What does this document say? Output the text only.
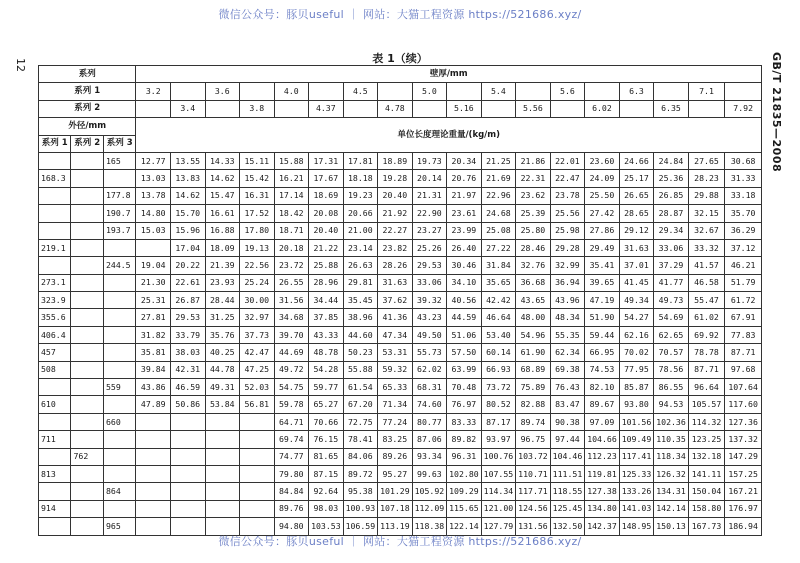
微信公众号：豚贝useful ｜ 网站：大猫工程资源 https://521686.xyz/
12	GB/T 21835—2008
表 1（续）
系列			壁厚/mm																	
系列 1			3.2		3.6		4.0		4.5		5.0		5.4		5.6		6.3		7.1	
系列 2				3.4		3.8		4.37		4.78		5.16		5.56		6.02		6.35		7.92
外径/mm			单位长度理论重量/(kg/m)																	
系列 1	系列 2	系列 3																		
		165	12.77	13.55	14.33	15.11	15.88	17.31	17.81	18.89	19.73	20.34	21.25	21.86	22.01	23.60	24.66	24.84	27.65	30.68
168.3			13.03	13.83	14.62	15.42	16.21	17.67	18.18	19.28	20.14	20.76	21.69	22.31	22.47	24.09	25.17	25.36	28.23	31.33
		177.8	13.78	14.62	15.47	16.31	17.14	18.69	19.23	20.40	21.31	21.97	22.96	23.62	23.78	25.50	26.65	26.85	29.88	33.18
		190.7	14.80	15.70	16.61	17.52	18.42	20.08	20.66	21.92	22.90	23.61	24.68	25.39	25.56	27.42	28.65	28.87	32.15	35.70
		193.7	15.03	15.96	16.88	17.80	18.71	20.40	21.00	22.27	23.27	23.99	25.08	25.80	25.98	27.86	29.12	29.34	32.67	36.29
219.1				17.04	18.09	19.13	20.18	21.22	23.14	23.82	25.26	26.40	27.22	28.46	29.28	29.49	31.63	33.06	33.32	37.12
		244.5	19.04	20.22	21.39	22.56	23.72	25.88	26.63	28.26	29.53	30.46	31.84	32.76	32.99	35.41	37.01	37.29	41.57	46.21
273.1			21.30	22.61	23.93	25.24	26.55	28.96	29.81	31.63	33.06	34.10	35.65	36.68	36.94	39.65	41.45	41.77	46.58	51.79
323.9			25.31	26.87	28.44	30.00	31.56	34.44	35.45	37.62	39.32	40.56	42.42	43.65	43.96	47.19	49.34	49.73	55.47	61.72
355.6			27.81	29.53	31.25	32.97	34.68	37.85	38.96	41.36	43.23	44.59	46.64	48.00	48.34	51.90	54.27	54.69	61.02	67.91
406.4			31.82	33.79	35.76	37.73	39.70	43.33	44.60	47.34	49.50	51.06	53.40	54.96	55.35	59.44	62.16	62.65	69.92	77.83
457			35.81	38.03	40.25	42.47	44.69	48.78	50.23	53.31	55.73	57.50	60.14	61.90	62.34	66.95	70.02	70.57	78.78	87.71
508			39.84	42.31	44.78	47.25	49.72	54.28	55.88	59.32	62.02	63.99	66.93	68.89	69.38	74.53	77.95	78.56	87.71	97.68
		559	43.86	46.59	49.31	52.03	54.75	59.77	61.54	65.33	68.31	70.48	73.72	75.89	76.43	82.10	85.87	86.55	96.64	107.64
610			47.89	50.86	53.84	56.81	59.78	65.27	67.20	71.34	74.60	76.97	80.52	82.88	83.47	89.67	93.80	94.53	105.57	117.60
		660					64.71	70.66	72.75	77.24	80.77	83.33	87.17	89.74	90.38	97.09	101.56	102.36	114.32	127.36
711							69.74	76.15	78.41	83.25	87.06	89.82	93.97	96.75	97.44	104.66	109.49	110.35	123.25	137.32
	762						74.77	81.65	84.06	89.26	93.34	96.31	100.76	103.72	104.46	112.23	117.41	118.34	132.18	147.29
813							79.80	87.15	89.72	95.27	99.63	102.80	107.55	110.71	111.51	119.81	125.33	126.32	141.11	157.25
		864					84.84	92.64	95.38	101.29	105.92	109.29	114.34	117.71	118.55	127.38	133.26	134.31	150.04	167.21
914							89.76	98.03	100.93	107.18	112.09	115.65	121.00	124.56	125.45	134.80	141.03	142.14	158.80	176.97
		965					94.80	103.53	106.59	113.19	118.38	122.14	127.79	131.56	132.50	142.37	148.95	150.13	167.73	186.94
微信公众号：豚贝useful ｜ 网站：大猫工程资源 https://521686.xyz/
